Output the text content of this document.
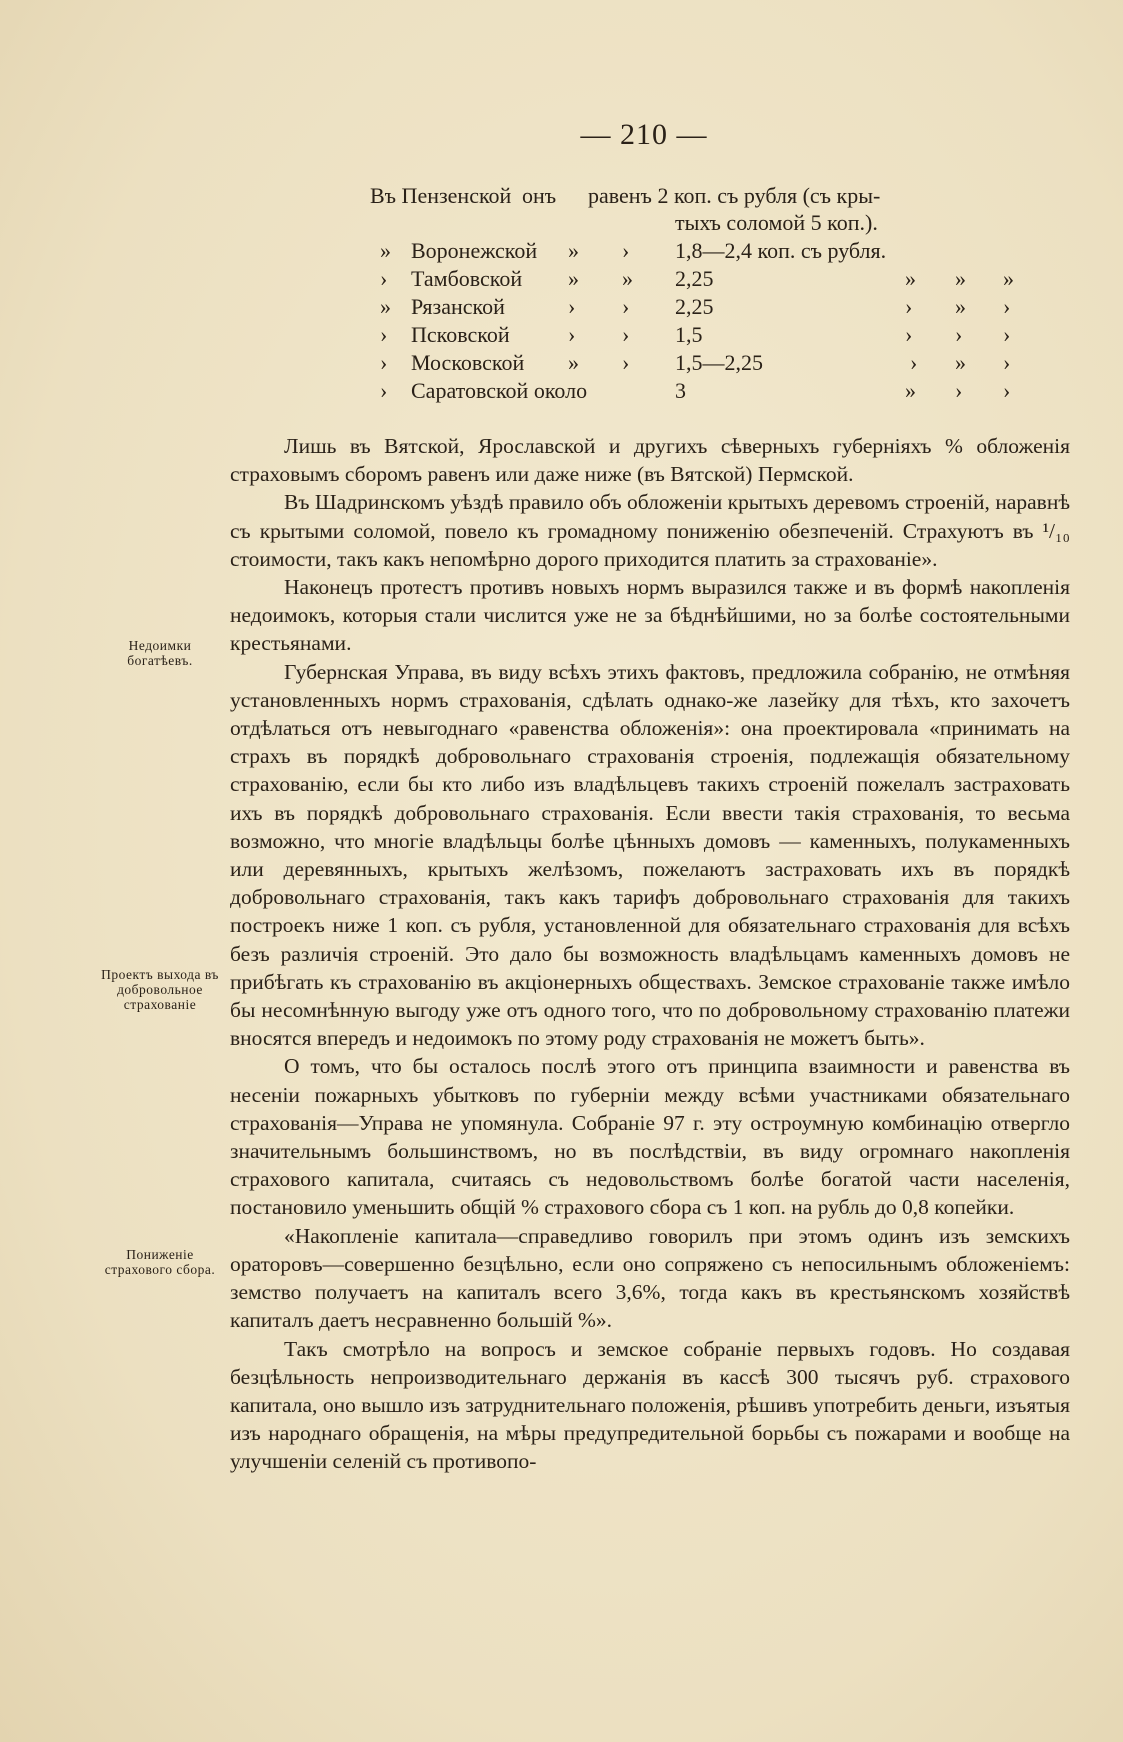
— 210 —
Въ Пензенской онъ равенъ 2 коп. съ рубля (съ кры-
тыхъ соломой 5 коп.).
» Воронежской » › 1,8—2,4 коп. съ рубля.
› Тамбовской » » 2,25	» » »
» Рязанской	› › 2,25	› » ›
› Псковской	› › 1,5	› › ›
› Московской » › 1,5—2,25	› » ›
› Саратовской около	3	» › ›

Лишь въ Вятской, Ярославской и другихъ сѣверныхъ губерніяхъ % обложенія страховымъ сборомъ равенъ или даже ниже (въ Вятской) Пермской.

Въ Шадринскомъ уѣздѣ правило объ обложеніи крытыхъ деревомъ строеній, наравнѣ съ крытыми соломой, повело къ громадному пониженію обезпеченій. Страхуютъ въ ¹/₁₀ стоимости, такъ какъ непомѣрно дорого приходится платить за страхованіе».

Наконецъ протестъ противъ новыхъ нормъ выразился также и въ формѣ накопленія недоимокъ, которыя стали числится уже не за бѣднѣйшими, но за болѣе состоятельными крестьянами.

Губернская Управа, въ виду всѣхъ этихъ фактовъ, предложила собранію, не отмѣняя установленныхъ нормъ страхованія, сдѣлать однако-же лазейку для тѣхъ, кто захочетъ отдѣлаться отъ невыгоднаго «равенства обложенія»: она проектировала «принимать на страхъ въ порядкѣ добровольнаго страхованія строенія, подлежащія обязательному страхованію, если бы кто либо изъ владѣльцевъ такихъ строеній пожелалъ застраховать ихъ въ порядкѣ добровольнаго страхованія. Если ввести такія страхованія, то весьма возможно, что многіе владѣльцы болѣе цѣнныхъ домовъ — каменныхъ, полукаменныхъ или деревянныхъ, крытыхъ желѣзомъ, пожелаютъ застраховать ихъ въ порядкѣ добровольнаго страхованія, такъ какъ тарифъ добровольнаго страхованія для такихъ построекъ ниже 1 коп. съ рубля, установленной для обязательнаго страхованія для всѣхъ безъ различія строеній. Это дало бы возможность владѣльцамъ каменныхъ домовъ не прибѣгать къ страхованію въ акціонерныхъ обществахъ. Земское страхованіе также имѣло бы несомнѣнную выгоду уже отъ одного того, что по добровольному страхованію платежи вносятся впередъ и недоимокъ по этому роду страхованія не можетъ быть».

О томъ, что бы осталось послѣ этого отъ принципа взаимности и равенства въ несеніи пожарныхъ убытковъ по губерніи между всѣми участниками обязательнаго страхованія—Управа не упомянула. Собраніе 97 г. эту остроумную комбинацію отвергло значительнымъ большинствомъ, но въ послѣдствіи, въ виду огромнаго накопленія страхового капитала, считаясь съ недовольствомъ болѣе богатой части населенія, постановило уменьшить общій % страхового сбора съ 1 коп. на рубль до 0,8 копейки.

«Накопленіе капитала—справедливо говорилъ при этомъ одинъ изъ земскихъ ораторовъ—совершенно безцѣльно, если оно сопряжено съ непосильнымъ обложеніемъ: земство получаетъ на капиталъ всего 3,6%, тогда какъ въ крестьянскомъ хозяйствѣ капиталъ даетъ несравненно большій %».

Такъ смотрѣло на вопросъ и земское собраніе первыхъ годовъ. Но создавая безцѣльность непроизводительнаго держанія въ кассѣ 300 тысячъ руб. страхового капитала, оно вышло изъ затруднительнаго положенія, рѣшивъ употребить деньги, изъятыя изъ народнаго обращенія, на мѣры предупредительной борьбы съ пожарами и вообще на улучшеніи селеній съ противопо-

Недоимки богатѣевъ.
Проектъ выхода въ добровольное страхованіе
Пониженіе страхового сбора.
